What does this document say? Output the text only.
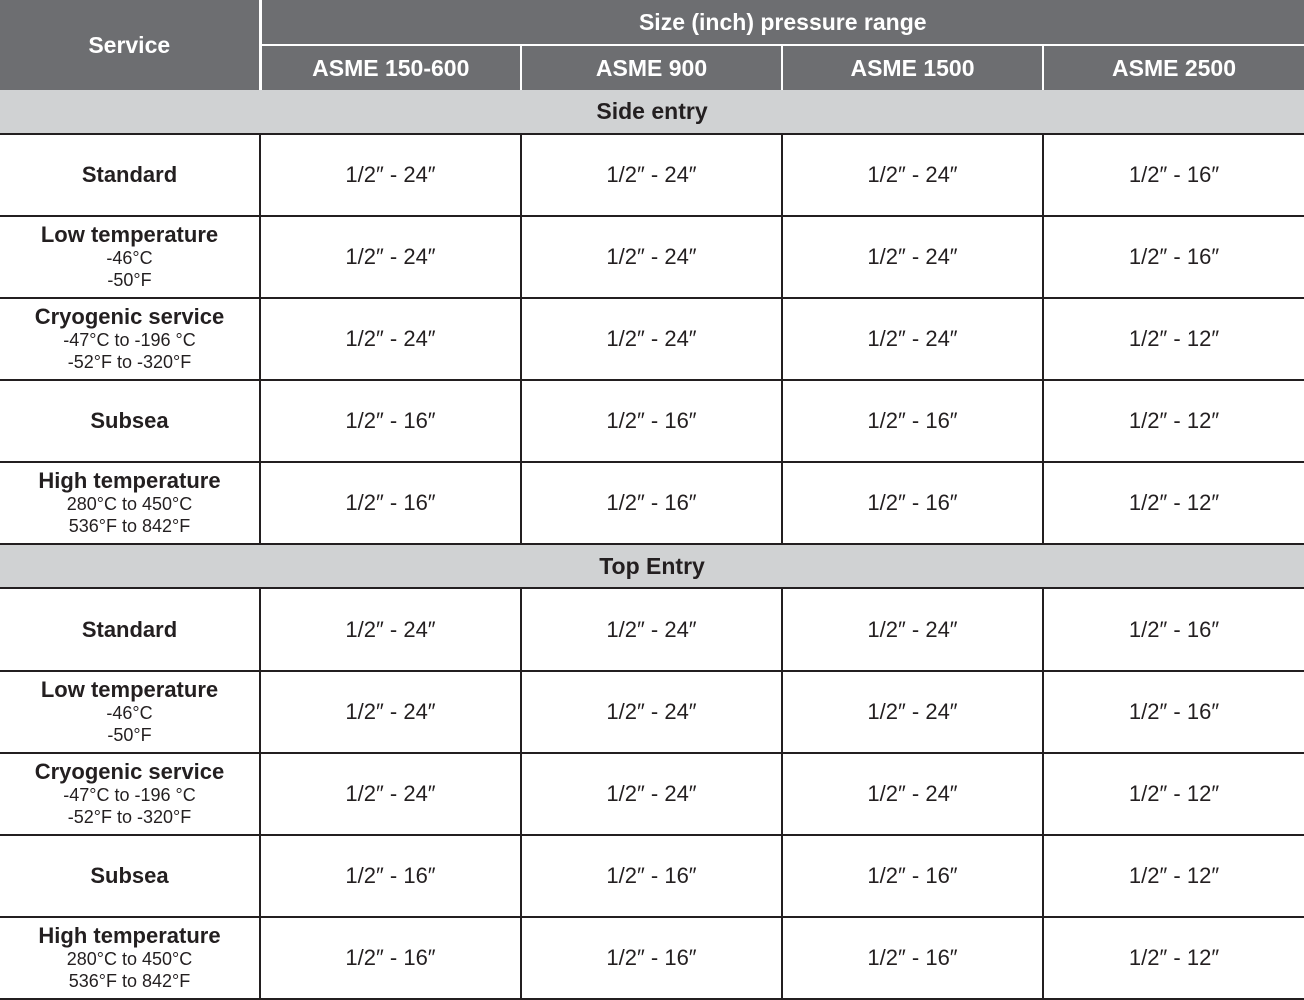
Service	Size (inch) pressure range			
	ASME 150-600	ASME 900	ASME 1500	ASME 2500
Side entry				

Standard	1/2″ - 24″	1/2″ - 24″	1/2″ - 24″	1/2″ - 16″

Low temperature
-46°C
-50°F	1/2″ - 24″	1/2″ - 24″	1/2″ - 24″	1/2″ - 16″

Cryogenic service
-47°C to -196 °C
-52°F to -320°F	1/2″ - 24″	1/2″ - 24″	1/2″ - 24″	1/2″ - 12″

Subsea	1/2″ - 16″	1/2″ - 16″	1/2″ - 16″	1/2″ - 12″

High temperature
280°C to 450°C
536°F to 842°F	1/2″ - 16″	1/2″ - 16″	1/2″ - 16″	1/2″ - 12″
Top Entry				

Standard	1/2″ - 24″	1/2″ - 24″	1/2″ - 24″	1/2″ - 16″

Low temperature
-46°C
-50°F	1/2″ - 24″	1/2″ - 24″	1/2″ - 24″	1/2″ - 16″

Cryogenic service
-47°C to -196 °C
-52°F to -320°F	1/2″ - 24″	1/2″ - 24″	1/2″ - 24″	1/2″ - 12″

Subsea	1/2″ - 16″	1/2″ - 16″	1/2″ - 16″	1/2″ - 12″

High temperature
280°C to 450°C
536°F to 842°F	1/2″ - 16″	1/2″ - 16″	1/2″ - 16″	1/2″ - 12″
